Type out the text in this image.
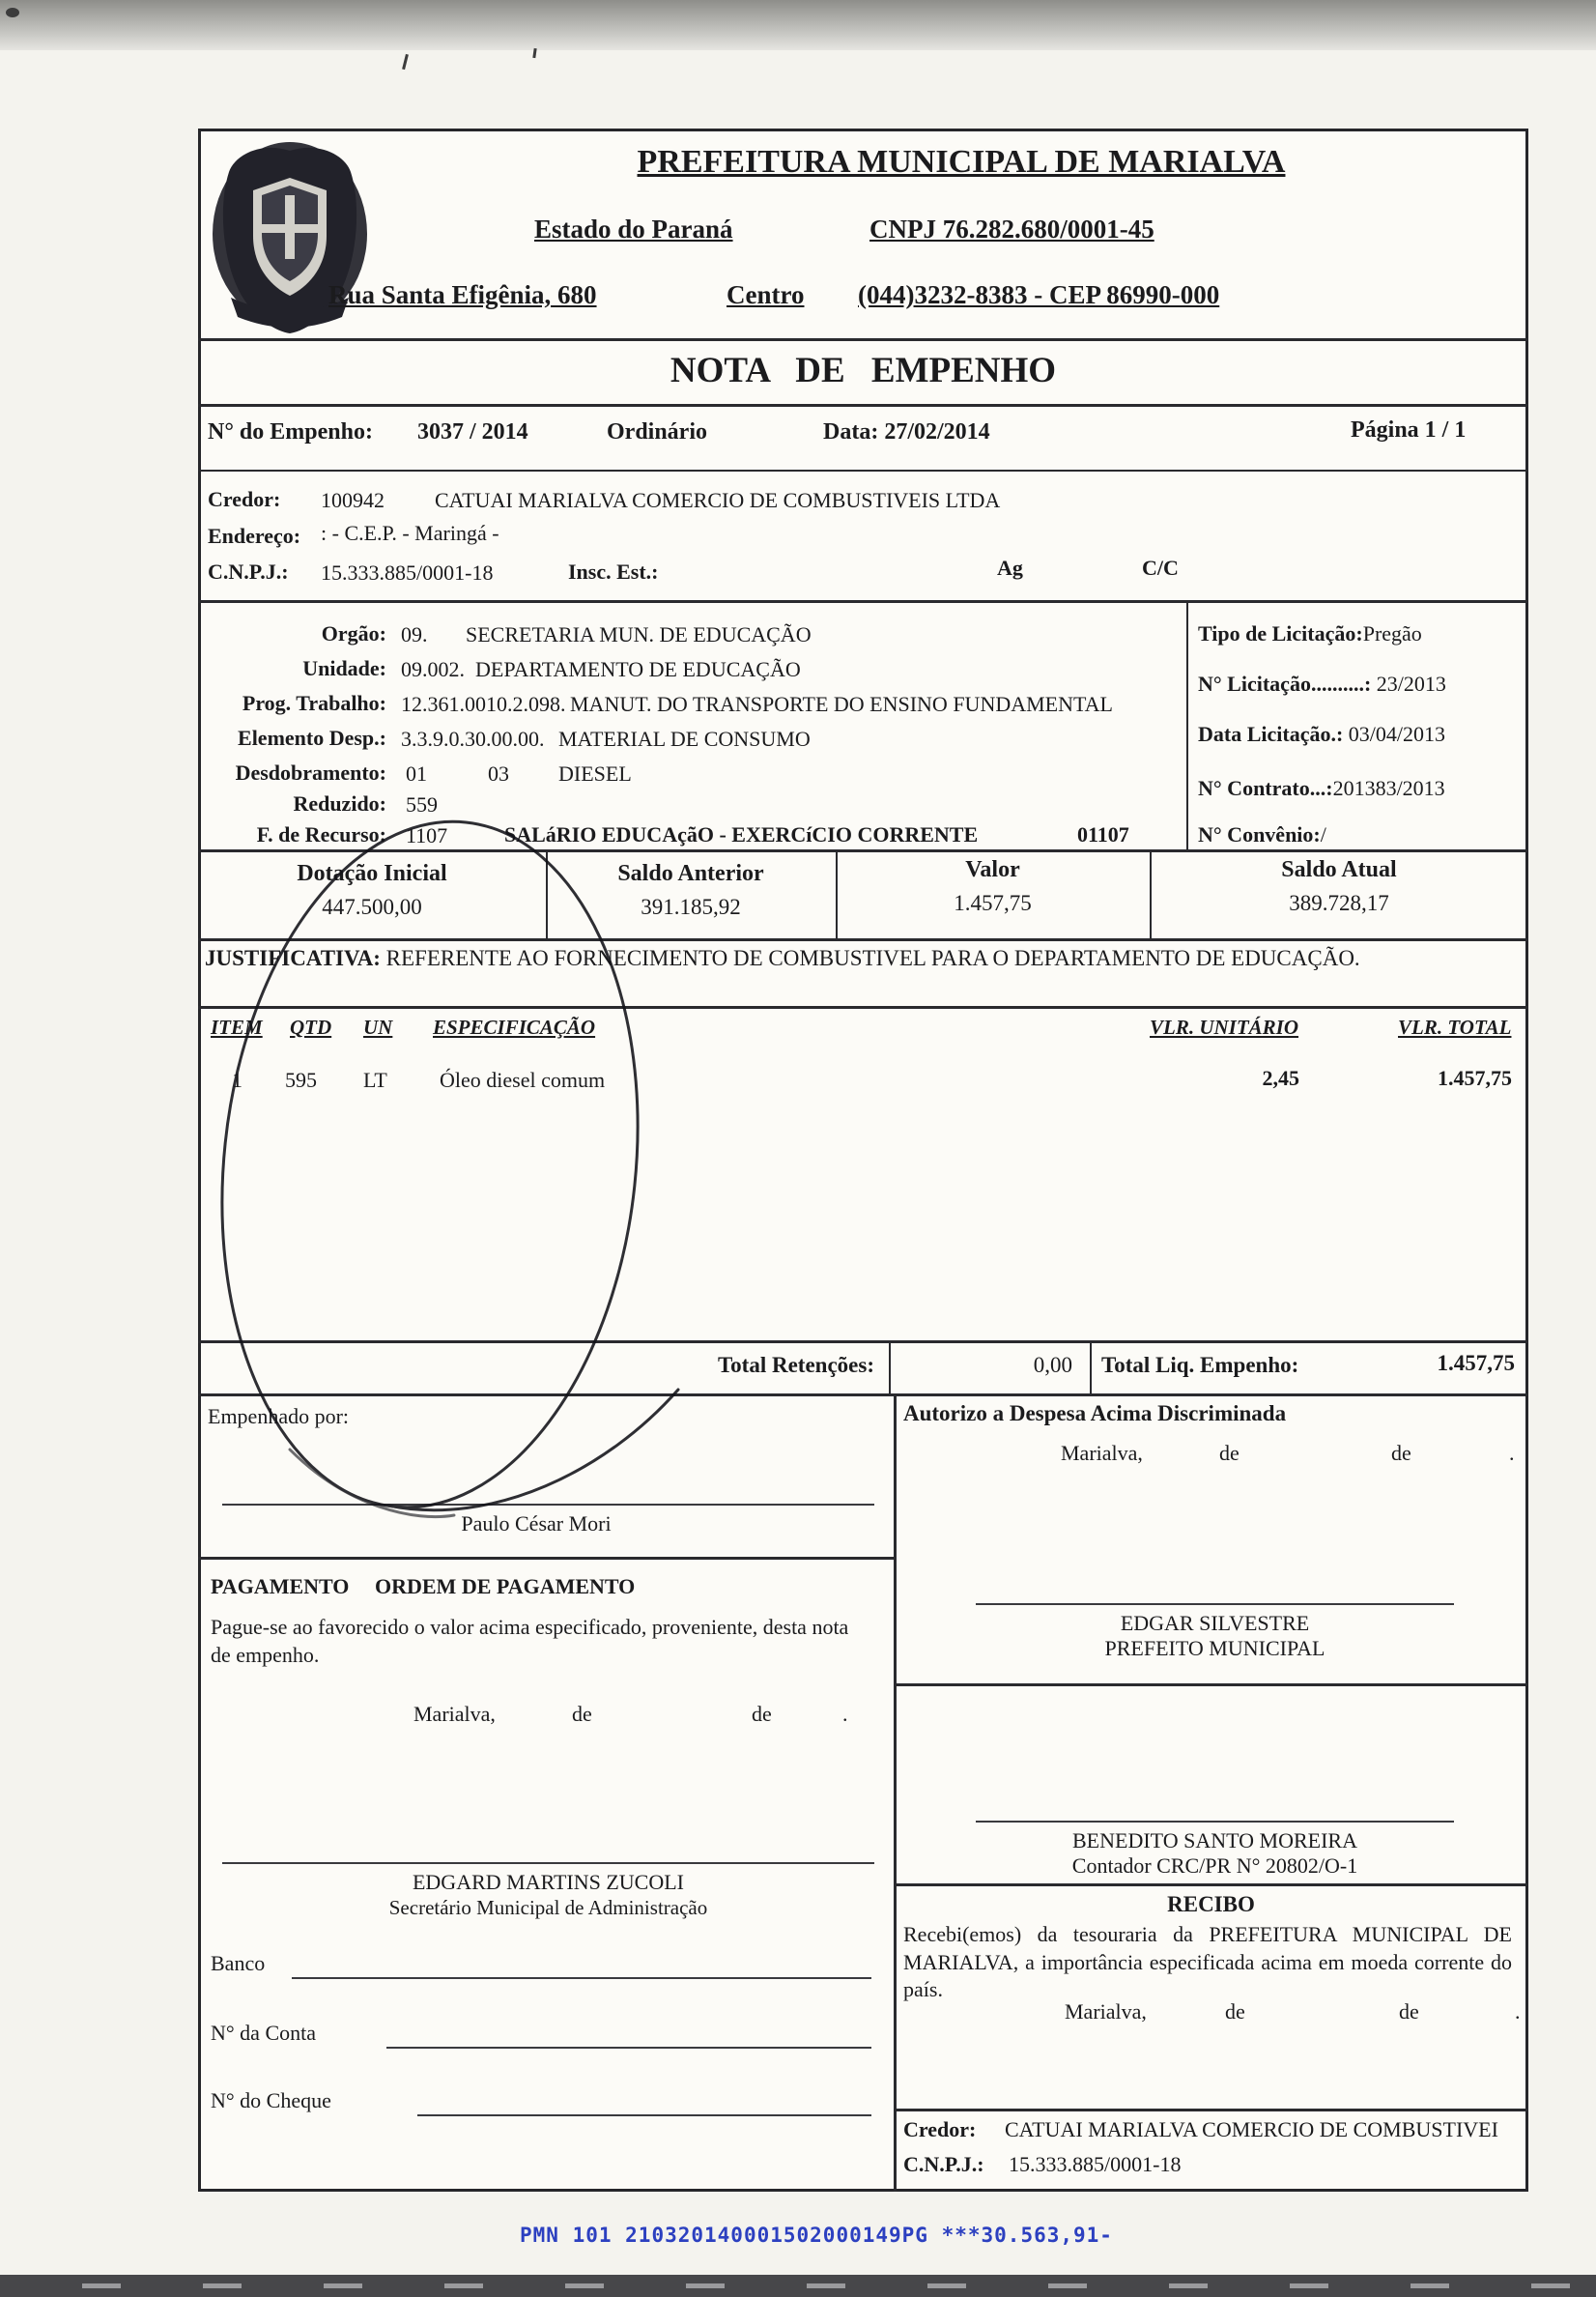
PREFEITURA MUNICIPAL DE MARIALVA
Estado do Paraná	CNPJ 76.282.680/0001-45
Rua Santa Efigênia, 680	Centro (044)3232-8383 - CEP 86990-000
NOTA DE EMPENHO
N° do Empenho: 3037 / 2014	Ordinário	Data: 27/02/2014	Página 1 / 1
Credor: 100942 CATUAI MARIALVA COMERCIO DE COMBUSTIVEIS LTDA
Endereço: : - C.E.P. - Maringá -
C.N.P.J.: 15.333.885/0001-18	Insc. Est.:	Ag	C/C
Orgão: 09. SECRETARIA MUN. DE EDUCAÇÃO
Unidade: 09.002. DEPARTAMENTO DE EDUCAÇÃO
Prog. Trabalho: 12.361.0010.2.098. MANUT. DO TRANSPORTE DO ENSINO FUNDAMENTAL
Elemento Desp.: 3.3.9.0.30.00.00. MATERIAL DE CONSUMO
Desdobramento: 01	03 DIESEL
Reduzido: 559
F. de Recurso: 1107	SALáRIO EDUCAçãO - EXERCíCIO CORRENTE	01107
Tipo de Licitação:Pregão
N° Licitação..........: 23/2013
Data Licitação.: 03/04/2013
N° Contrato...:201383/2013
N° Convênio:/
Dotação Inicial
447.500,00
Saldo Anterior
391.185,92
Valor
1.457,75
Saldo Atual
389.728,17
JUSTIFICATIVA: REFERENTE AO FORNECIMENTO DE COMBUSTIVEL PARA O DEPARTAMENTO DE EDUCAÇÃO.
ITEM QTD UN ESPECIFICAÇÃO	VLR. UNITÁRIO	VLR. TOTAL
1 595 LT Óleo diesel comum	2,45	1.457,75
Total Retenções:	0,00 Total Liq. Empenho:	1.457,75
Empenhado por:
Paulo César Mori
PAGAMENTO ORDEM DE PAGAMENTO
Pague-se ao favorecido o valor acima especificado, proveniente, desta nota de empenho.
Marialva,	de	de	.
EDGARD MARTINS ZUCOLI
Secretário Municipal de Administração
Banco
N° da Conta
N° do Cheque
Autorizo a Despesa Acima Discriminada
Marialva,	de	de	.
EDGAR SILVESTRE
PREFEITO MUNICIPAL
BENEDITO SANTO MOREIRA
Contador CRC/PR N° 20802/O-1
RECIBO
Recebi(emos) da tesouraria da PREFEITURA MUNICIPAL DE MARIALVA, a importância especificada acima em moeda corrente do país.
Marialva,	de	de	.
Credor: CATUAI MARIALVA COMERCIO DE COMBUSTIVEI
C.N.P.J.: 15.333.885/0001-18
PMN 101 210320140001502000149PG ***30.563,91-
